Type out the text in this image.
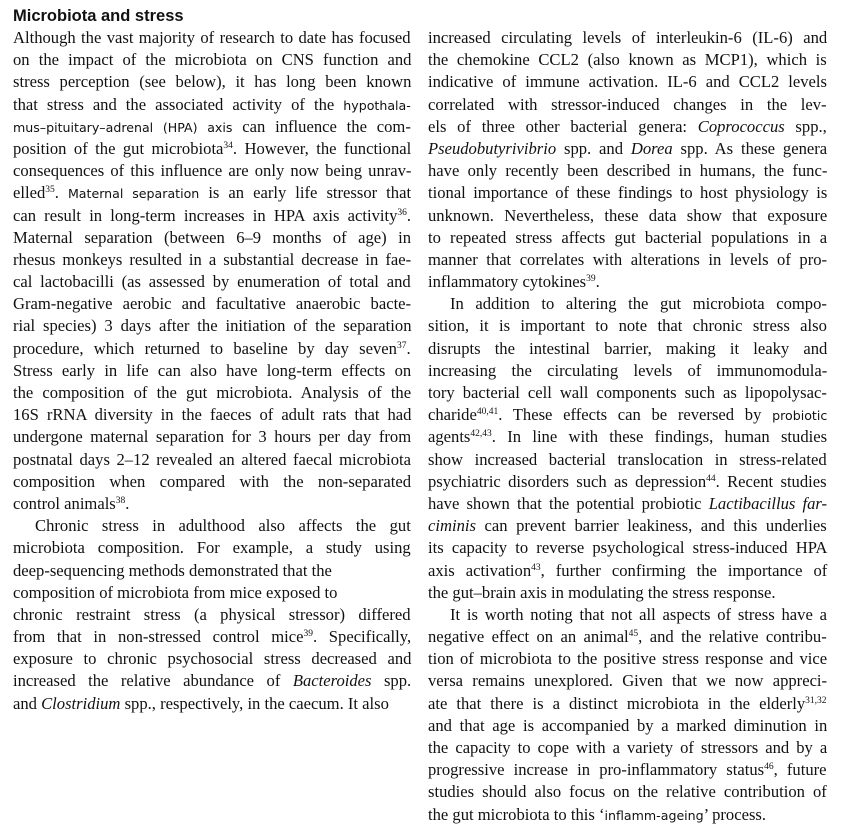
Microbiota and stress
Although the vast majority of research to date has focused
on the impact of the microbiota on CNS function and
stress perception (see below), it has long been known
that stress and the associated activity of the hypothala-
mus–pituitary–adrenal (HPA) axis can influence the com-
position of the gut microbiota$^{34}$. However, the functional
consequences of this influence are only now being unrav-
elled$^{35}$. Maternal separation is an early life stressor that
can result in long-term increases in HPA axis activity$^{36}$.
Maternal separation (between 6–9 months of age) in
rhesus monkeys resulted in a substantial decrease in fae-
cal lactobacilli (as assessed by enumeration of total and
Gram-negative aerobic and facultative anaerobic bacte-
rial species) 3 days after the initiation of the separation
procedure, which returned to baseline by day seven$^{37}$.
Stress early in life can also have long-term effects on
the composition of the gut microbiota. Analysis of the
16S rRNA diversity in the faeces of adult rats that had
undergone maternal separation for 3 hours per day from
postnatal days 2–12 revealed an altered faecal microbiota
composition when compared with the non-separated
control animals$^{38}$.
Chronic stress in adulthood also affects the gut
microbiota composition. For example, a study using
deep-sequencing methods demonstrated that the
composition of microbiota from mice exposed to
chronic restraint stress (a physical stressor) differed
from that in non-stressed control mice$^{39}$. Specifically,
exposure to chronic psychosocial stress decreased and
increased the relative abundance of Bacteroides spp.
and Clostridium spp., respectively, in the caecum. It also
increased circulating levels of interleukin-6 (IL-6) and
the chemokine CCL2 (also known as MCP1), which is
indicative of immune activation. IL-6 and CCL2 levels
correlated with stressor-induced changes in the lev-
els of three other bacterial genera: Coprococcus spp.,
Pseudobutyrivibrio spp. and Dorea spp. As these genera
have only recently been described in humans, the func-
tional importance of these findings to host physiology is
unknown. Nevertheless, these data show that exposure
to repeated stress affects gut bacterial populations in a
manner that correlates with alterations in levels of pro-
inflammatory cytokines$^{39}$.
In addition to altering the gut microbiota compo-
sition, it is important to note that chronic stress also
disrupts the intestinal barrier, making it leaky and
increasing the circulating levels of immunomodula-
tory bacterial cell wall components such as lipopolysac-
charide$^{40,41}$. These effects can be reversed by probiotic
agents$^{42,43}$. In line with these findings, human studies
show increased bacterial translocation in stress-related
psychiatric disorders such as depression$^{44}$. Recent studies
have shown that the potential probiotic Lactibacillus far-
ciminis can prevent barrier leakiness, and this underlies
its capacity to reverse psychological stress-induced HPA
axis activation$^{43}$, further confirming the importance of
the gut–brain axis in modulating the stress response.
It is worth noting that not all aspects of stress have a
negative effect on an animal$^{45}$, and the relative contribu-
tion of microbiota to the positive stress response and vice
versa remains unexplored. Given that we now appreci-
ate that there is a distinct microbiota in the elderly$^{31,32}$
and that age is accompanied by a marked diminution in
the capacity to cope with a variety of stressors and by a
progressive increase in pro-inflammatory status$^{46}$, future
studies should also focus on the relative contribution of
the gut microbiota to this ‘inflamm-ageing’ process.
